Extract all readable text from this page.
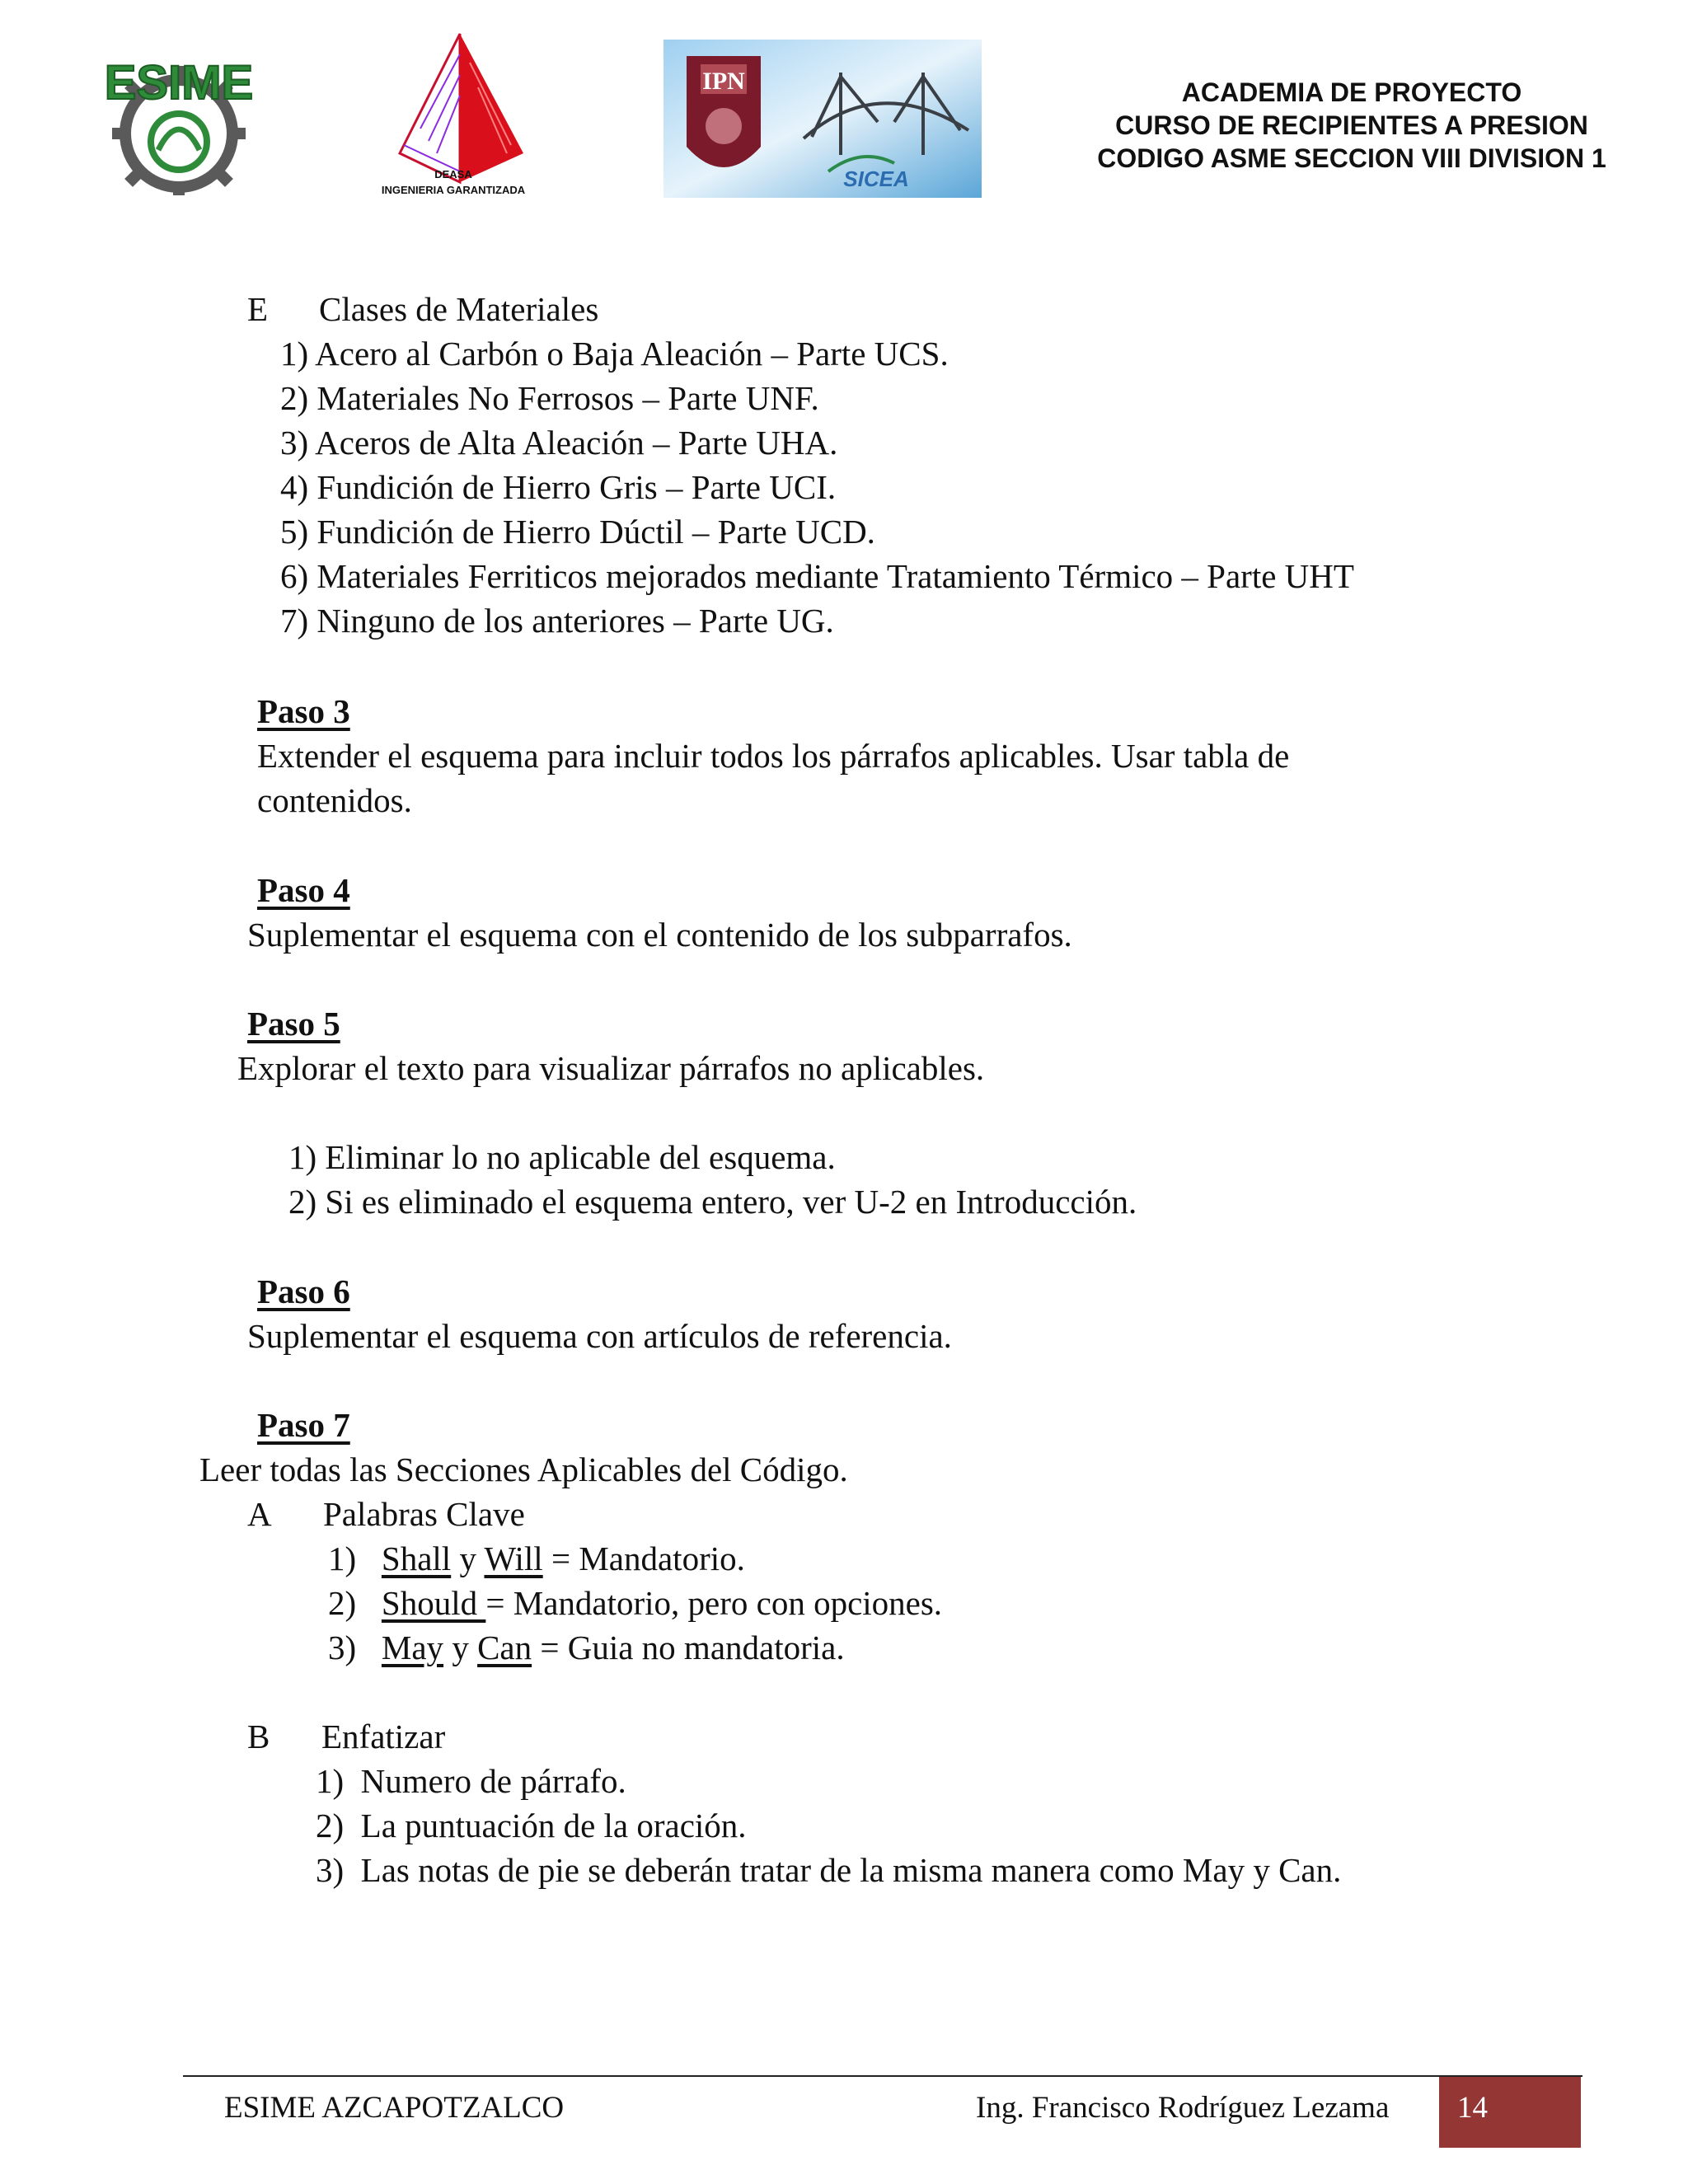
ESIME
DEASA
INGENIERIA GARANTIZADA
IPN
SICEA
ACADEMIA DE PROYECTO
CURSO DE RECIPIENTES A PRESION
CODIGO ASME SECCION VIII DIVISION 1
E Clases de Materiales
1) Acero al Carbón o Baja Aleación – Parte UCS.
2) Materiales No Ferrosos – Parte UNF.
3) Aceros de Alta Aleación – Parte UHA.
4) Fundición de Hierro Gris – Parte UCI.
5) Fundición de Hierro Dúctil – Parte UCD.
6) Materiales Ferriticos mejorados mediante Tratamiento Térmico – Parte UHT
7) Ninguno de los anteriores – Parte UG.
Paso 3
Extender el esquema para incluir todos los párrafos aplicables. Usar tabla de
contenidos.
Paso 4
Suplementar el esquema con el contenido de los subparrafos.
Paso 5
Explorar el texto para visualizar párrafos no aplicables.
1) Eliminar lo no aplicable del esquema.
2) Si es eliminado el esquema entero, ver U-2 en Introducción.
Paso 6
Suplementar el esquema con artículos de referencia.
Paso 7
Leer todas las Secciones Aplicables del Código.
A Palabras Clave
1) Shall y Will = Mandatorio.
2) Should = Mandatorio, pero con opciones.
3) May y Can = Guia no mandatoria.
B Enfatizar
1) Numero de párrafo.
2) La puntuación de la oración.
3) Las notas de pie se deberán tratar de la misma manera como May y Can.
ESIME AZCAPOTZALCO	Ing. Francisco Rodríguez Lezama 14
